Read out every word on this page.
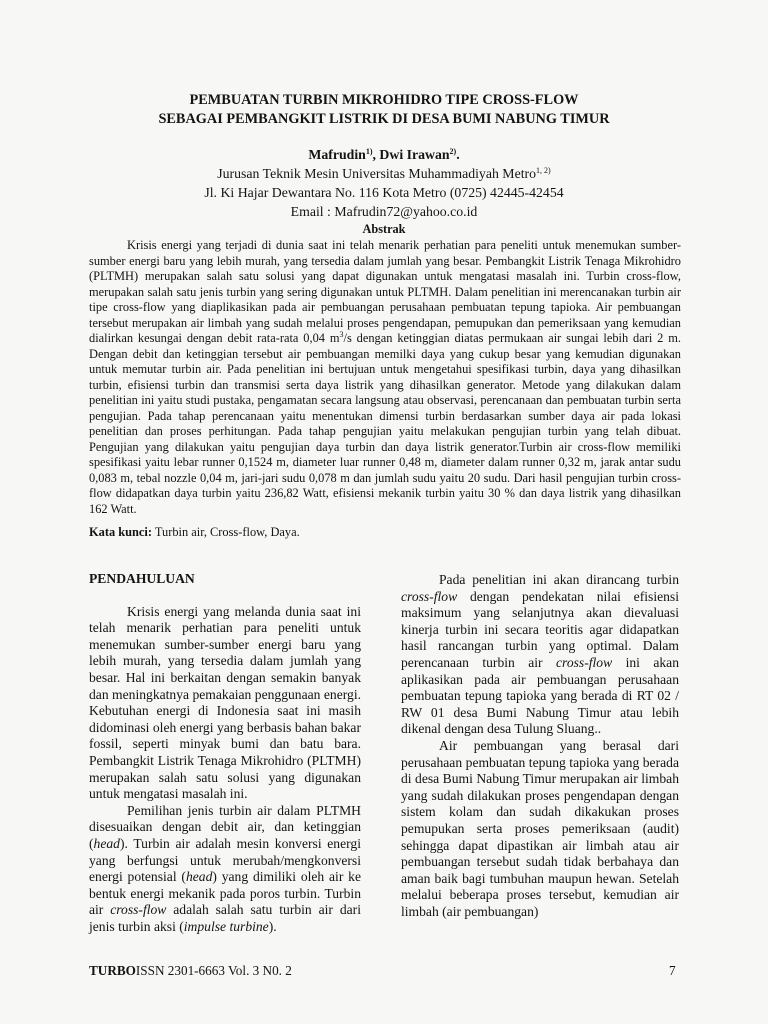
PEMBUATAN TURBIN MIKROHIDRO TIPE CROSS-FLOW
SEBAGAI PEMBANGKIT LISTRIK DI DESA BUMI NABUNG TIMUR
Mafrudin$^{1)}$, Dwi Irawan$^{2)}$.
Jurusan Teknik Mesin Universitas Muhammadiyah Metro$^{1, 2)}$
Jl. Ki Hajar Dewantara No. 116 Kota Metro (0725) 42445-42454
Email : Mafrudin72@yahoo.co.id
Abstrak

Krisis energi yang terjadi di dunia saat ini telah menarik perhatian para peneliti untuk menemukan sumber-sumber energi baru yang lebih murah, yang tersedia dalam jumlah yang besar. Pembangkit Listrik Tenaga Mikrohidro (PLTMH) merupakan salah satu solusi yang dapat digunakan untuk mengatasi masalah ini. Turbin cross-flow, merupakan salah satu jenis turbin yang sering digunakan untuk PLTMH. Dalam penelitian ini merencanakan turbin air tipe cross-flow yang diaplikasikan pada air pembuangan perusahaan pembuatan tepung tapioka. Air pembuangan tersebut merupakan air limbah yang sudah melalui proses pengendapan, pemupukan dan pemeriksaan yang kemudian dialirkan kesungai dengan debit rata-rata 0,04 $m^3/s$ dengan ketinggian diatas permukaan air sungai lebih dari 2 m. Dengan debit dan ketinggian tersebut air pembuangan memilki daya yang cukup besar yang kemudian digunakan untuk memutar turbin air. Pada penelitian ini bertujuan untuk mengetahui spesifikasi turbin, daya yang dihasilkan turbin, efisiensi turbin dan transmisi serta daya listrik yang dihasilkan generator. Metode yang dilakukan dalam penelitian ini yaitu studi pustaka, pengamatan secara langsung atau observasi, perencanaan dan pembuatan turbin serta pengujian. Pada tahap perencanaan yaitu menentukan dimensi turbin berdasarkan sumber daya air pada lokasi penelitian dan proses perhitungan. Pada tahap pengujian yaitu melakukan pengujian turbin yang telah dibuat. Pengujian yang dilakukan yaitu pengujian daya turbin dan daya listrik generator.Turbin air cross-flow memiliki spesifikasi yaitu lebar runner 0,1524 m, diameter luar runner 0,48 m, diameter dalam runner 0,32 m, jarak antar sudu 0,083 m, tebal nozzle 0,04 m, jari-jari sudu 0,078 m dan jumlah sudu yaitu 20 sudu. Dari hasil pengujian turbin cross-flow didapatkan daya turbin yaitu 236,82 Watt, efisiensi mekanik turbin yaitu 30 % dan daya listrik yang dihasilkan 162 Watt.

Kata kunci: Turbin air, Cross-flow, Daya.
PENDAHULUAN

Krisis energi yang melanda dunia saat ini telah menarik perhatian para peneliti untuk menemukan sumber-sumber energi baru yang lebih murah, yang tersedia dalam jumlah yang besar. Hal ini berkaitan dengan semakin banyak dan meningkatnya pemakaian penggunaan energi. Kebutuhan energi di Indonesia saat ini masih didominasi oleh energi yang berbasis bahan bakar fossil, seperti minyak bumi dan batu bara. Pembangkit Listrik Tenaga Mikrohidro (PLTMH) merupakan salah satu solusi yang digunakan untuk mengatasi masalah ini.

Pemilihan jenis turbin air dalam PLTMH disesuaikan dengan debit air, dan ketinggian (head). Turbin air adalah mesin konversi energi yang berfungsi untuk merubah/mengkonversi energi potensial (head) yang dimiliki oleh air ke bentuk energi mekanik pada poros turbin. Turbin air cross-flow adalah salah satu turbin air dari jenis turbin aksi (impulse turbine).

Pada penelitian ini akan dirancang turbin cross-flow dengan pendekatan nilai efisiensi maksimum yang selanjutnya akan dievaluasi kinerja turbin ini secara teoritis agar didapatkan hasil rancangan turbin yang optimal. Dalam perencanaan turbin air cross-flow ini akan aplikasikan pada air pembuangan perusahaan pembuatan tepung tapioka yang berada di RT 02 / RW 01 desa Bumi Nabung Timur atau lebih dikenal dengan desa Tulung Sluang..

Air pembuangan yang berasal dari perusahaan pembuatan tepung tapioka yang berada di desa Bumi Nabung Timur merupakan air limbah yang sudah dilakukan proses pengendapan dengan sistem kolam dan sudah dikakukan proses pemupukan serta proses pemeriksaan (audit) sehingga dapat dipastikan air limbah atau air pembuangan tersebut sudah tidak berbahaya dan aman baik bagi tumbuhan maupun hewan. Setelah melalui beberapa proses tersebut, kemudian air limbah (air pembuangan)

TURBOISSN 2301-6663 Vol. 3 N0. 2	7
